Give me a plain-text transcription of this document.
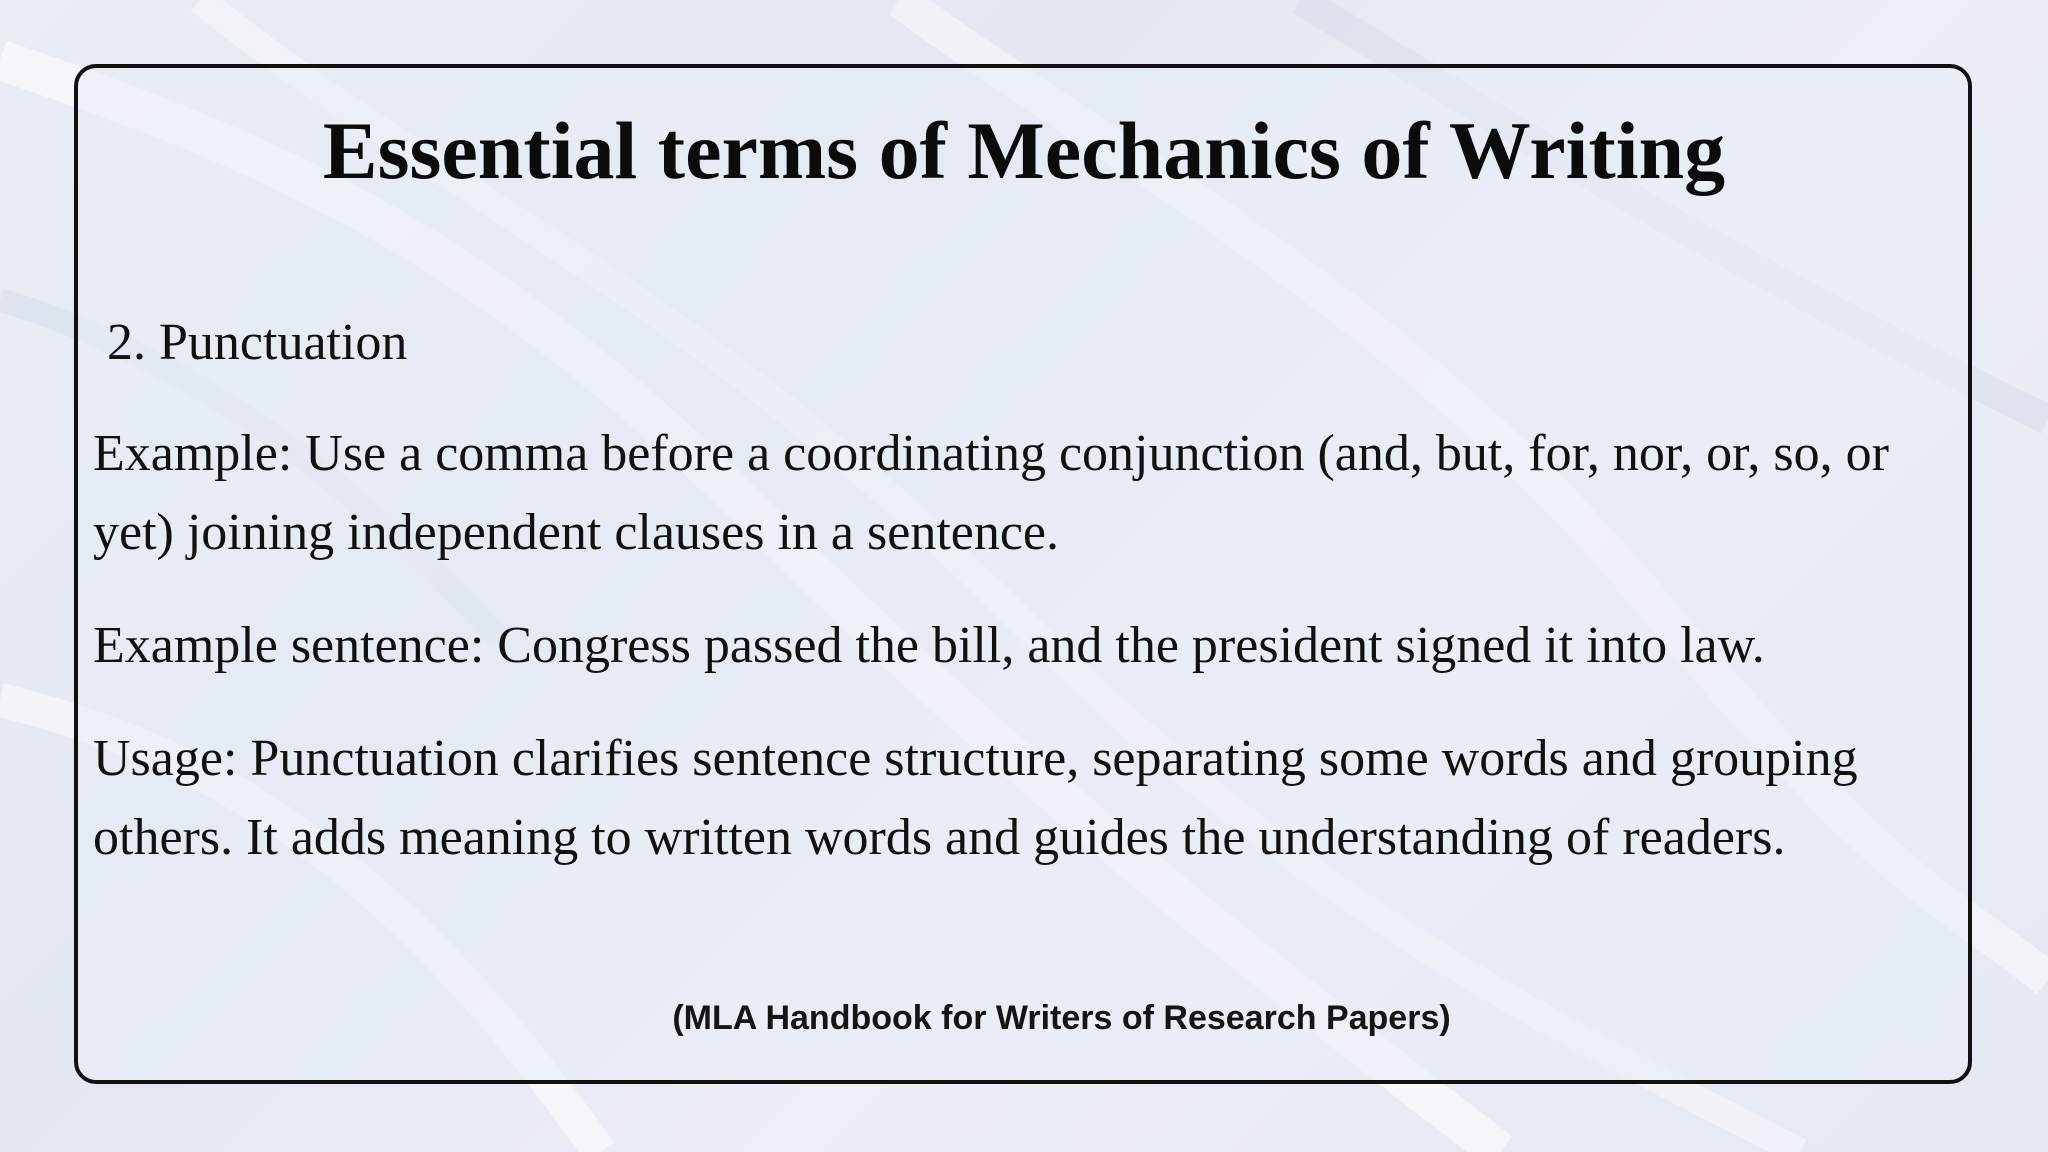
Essential terms of Mechanics of Writing

2. Punctuation

Example: Use a comma before a coordinating conjunction (and, but, for, nor, or, so, or yet) joining independent clauses in a sentence.

Example sentence: Congress passed the bill, and the president signed it into law.

Usage: Punctuation clarifies sentence structure, separating some words and grouping others. It adds meaning to written words and guides the understanding of readers.

(MLA Handbook for Writers of Research Papers)
